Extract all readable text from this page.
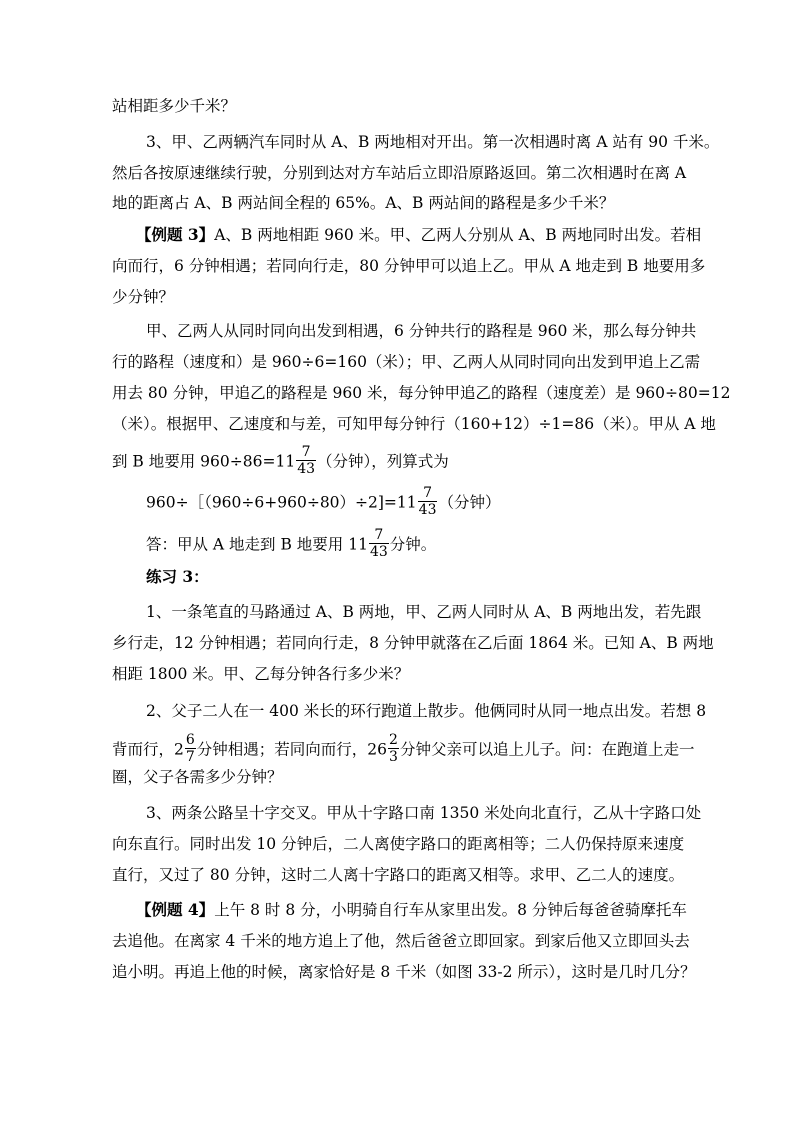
站相距多少千米？
3、甲、乙两辆汽车同时从 A、B 两地相对开出。第一次相遇时离 A 站有 90 千米。
然后各按原速继续行驶，分别到达对方车站后立即沿原路返回。第二次相遇时在离 A
地的距离占 A、B 两站间全程的 65%。A、B 两站间的路程是多少千米？
【例题 3】A、B 两地相距 960 米。甲、乙两人分别从 A、B 两地同时出发。若相
向而行，6 分钟相遇；若同向行走，80 分钟甲可以追上乙。甲从 A 地走到 B 地要用多
少分钟？
甲、乙两人从同时同向出发到相遇，6 分钟共行的路程是 960 米，那么每分钟共
行的路程（速度和）是 960÷6=160（米）；甲、乙两人从同时同向出发到甲追上乙需
用去 80 分钟，甲追乙的路程是 960 米，每分钟甲追乙的路程（速度差）是 960÷80=12
（米）。根据甲、乙速度和与差，可知甲每分钟行（160+12）÷1=86（米）。甲从 A 地
到 B 地要用 $960\div 86=11 \frac{7}{43}$ （分钟），列算式为
960÷［（960÷6+960÷80）÷2]=11 $\frac{7}{43}$ （分钟）
答：甲从 A 地走到 B 地要用 $11 \frac{7}{43}$ 分钟。
练习 3：
1、一条笔直的马路通过 A、B 两地，甲、乙两人同时从 A、B 两地出发，若先跟
乡行走，12 分钟相遇；若同向行走，8 分钟甲就落在乙后面 1864 米。已知 A、B 两地
相距 1800 米。甲、乙每分钟各行多少米？
2、父子二人在一 400 米长的环行跑道上散步。他俩同时从同一地点出发。若想 8
背而行，$2 \frac{6}{7}$ 分钟相遇；若同向而行，$26 \frac{2}{3}$ 分钟父亲可以追上儿子。问：在跑道上走一
圈，父子各需多少分钟？
3、两条公路呈十字交叉。甲从十字路口南 1350 米处向北直行，乙从十字路口处
向东直行。同时出发 10 分钟后，二人离使字路口的距离相等；二人仍保持原来速度
直行，又过了 80 分钟，这时二人离十字路口的距离又相等。求甲、乙二人的速度。
【例题 4】上午 8 时 8 分，小明骑自行车从家里出发。8 分钟后每爸爸骑摩托车
去追他。在离家 4 千米的地方追上了他，然后爸爸立即回家。到家后他又立即回头去
追小明。再追上他的时候，离家恰好是 8 千米（如图 33-2 所示），这时是几时几分？
